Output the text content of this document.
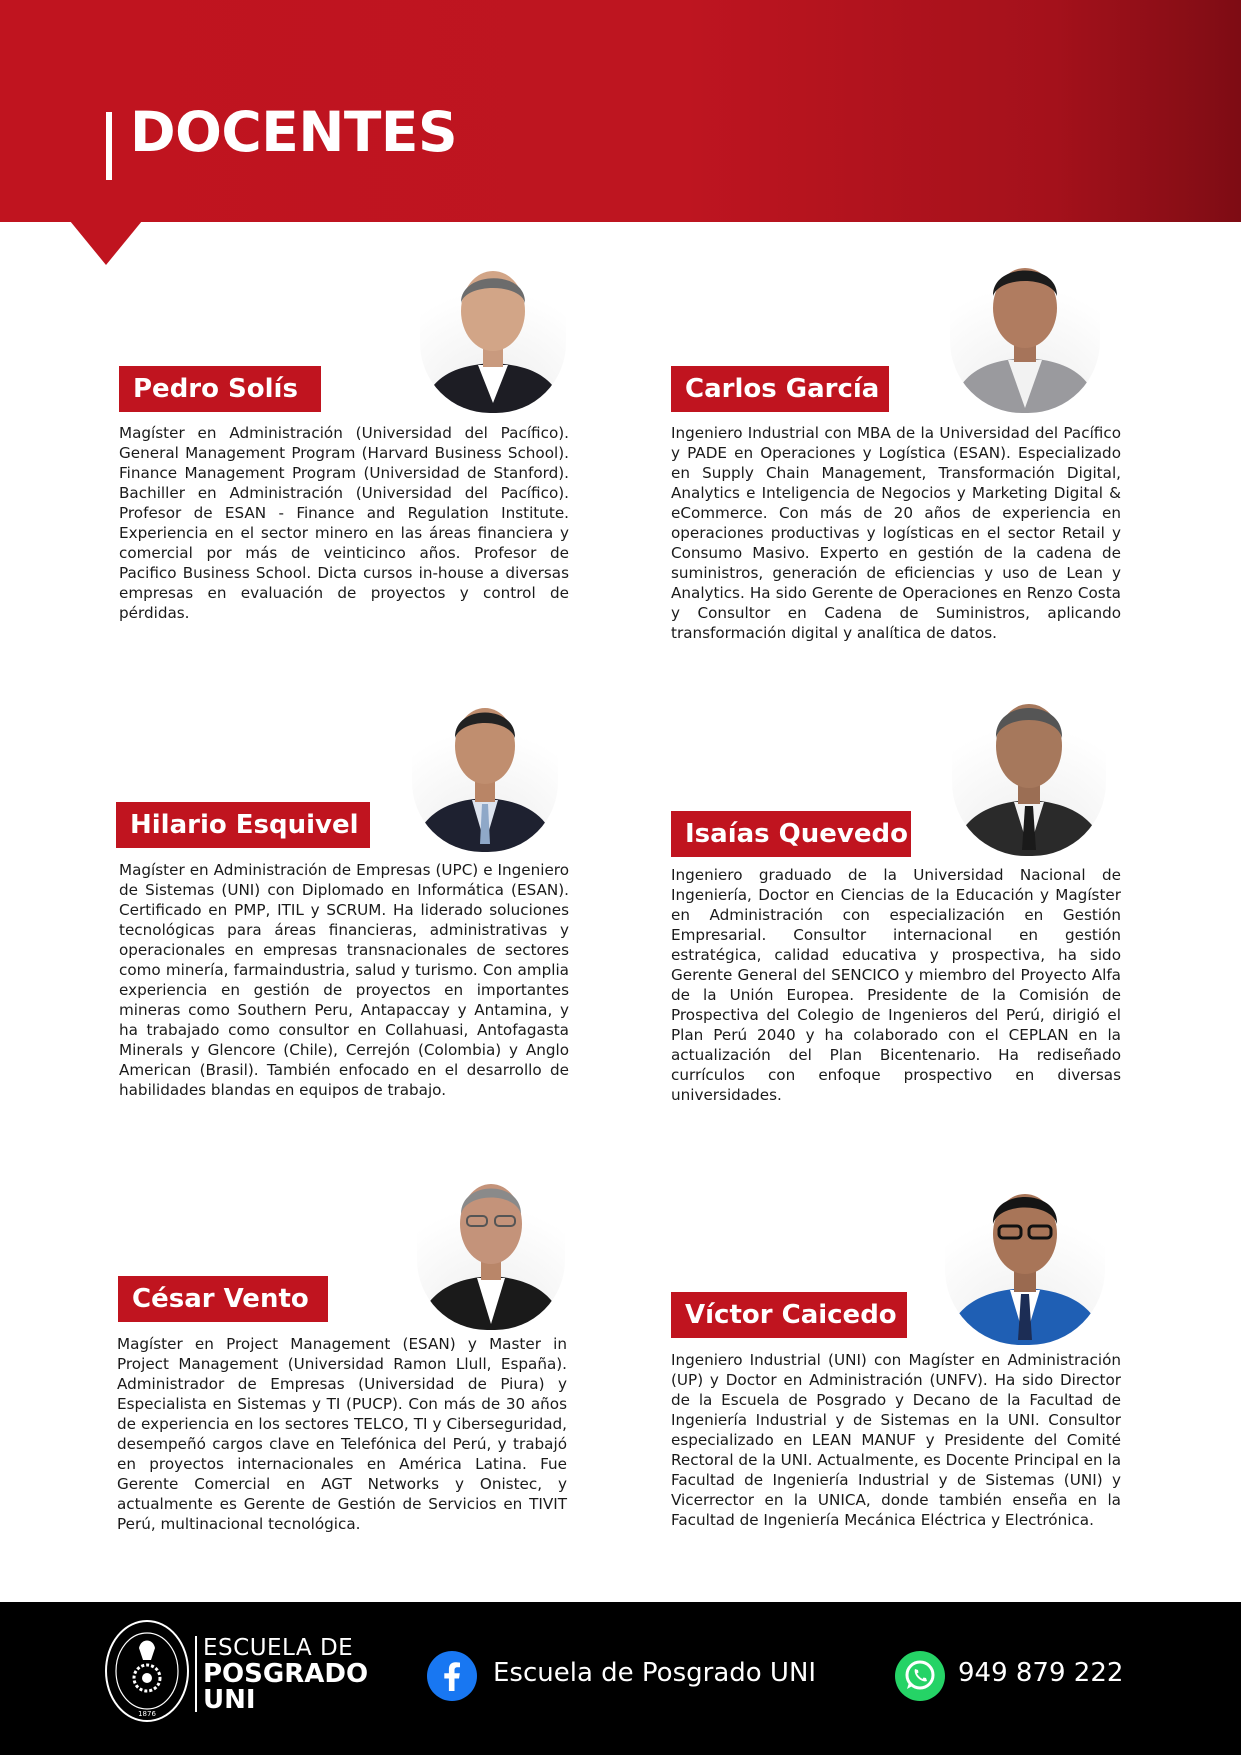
DOCENTES
Pedro Solís
Magíster en Administración (Universidad del Pacífico). General Management Program (Harvard Business School). Finance Management Program (Universidad de Stanford). Bachiller en Administración (Universidad del Pacífico). Profesor de ESAN - Finance and Regulation Institute. Experiencia en el sector minero en las áreas financiera y comercial por más de veinticinco años. Profesor de Pacifico Business School. Dicta cursos in-house a diversas empresas en evaluación de proyectos y control de pérdidas.
Carlos García
Ingeniero Industrial con MBA de la Universidad del Pacífico y PADE en Operaciones y Logística (ESAN). Especializado en Supply Chain Management, Transformación Digital, Analytics e Inteligencia de Negocios y Marketing Digital & eCommerce. Con más de 20 años de experiencia en operaciones productivas y logísticas en el sector Retail y Consumo Masivo. Experto en gestión de la cadena de suministros, generación de eficiencias y uso de Lean y Analytics. Ha sido Gerente de Operaciones en Renzo Costa y Consultor en Cadena de Suministros, aplicando transformación digital y analítica de datos.
Hilario Esquivel
Magíster en Administración de Empresas (UPC) e Ingeniero de Sistemas (UNI) con Diplomado en Informática (ESAN). Certificado en PMP, ITIL y SCRUM. Ha liderado soluciones tecnológicas para áreas financieras, administrativas y operacionales en empresas transnacionales de sectores como minería, farmaindustria, salud y turismo. Con amplia experiencia en gestión de proyectos en importantes mineras como Southern Peru, Antapaccay y Antamina, y ha trabajado como consultor en Collahuasi, Antofagasta Minerals y Glencore (Chile), Cerrejón (Colombia) y Anglo American (Brasil). También enfocado en el desarrollo de habilidades blandas en equipos de trabajo.
Isaías Quevedo
Ingeniero graduado de la Universidad Nacional de Ingeniería, Doctor en Ciencias de la Educación y Magíster en Administración con especialización en Gestión Empresarial. Consultor internacional en gestión estratégica, calidad educativa y prospectiva, ha sido Gerente General del SENCICO y miembro del Proyecto Alfa de la Unión Europea. Presidente de la Comisión de Prospectiva del Colegio de Ingenieros del Perú, dirigió el Plan Perú 2040 y ha colaborado con el CEPLAN en la actualización del Plan Bicentenario. Ha rediseñado currículos con enfoque prospectivo en diversas universidades.
César Vento
Magíster en Project Management (ESAN) y Master in Project Management (Universidad Ramon Llull, España). Administrador de Empresas (Universidad de Piura) y Especialista en Sistemas y TI (PUCP). Con más de 30 años de experiencia en los sectores TELCO, TI y Ciberseguridad, desempeñó cargos clave en Telefónica del Perú, y trabajó en proyectos internacionales en América Latina. Fue Gerente Comercial en AGT Networks y Onistec, y actualmente es Gerente de Gestión de Servicios en TIVIT Perú, multinacional tecnológica.
Víctor Caicedo
Ingeniero Industrial (UNI) con Magíster en Administración (UP) y Doctor en Administración (UNFV). Ha sido Director de la Escuela de Posgrado y Decano de la Facultad de Ingeniería Industrial y de Sistemas en la UNI. Consultor especializado en LEAN MANUF y Presidente del Comité Rectoral de la UNI. Actualmente, es Docente Principal en la Facultad de Ingeniería Industrial y de Sistemas (UNI) y Vicerrector en la UNICA, donde también enseña en la Facultad de Ingeniería Mecánica Eléctrica y Electrónica.
1876
ESCUELA DE
POSGRADO
UNI
Escuela de Posgrado UNI	949 879 222
